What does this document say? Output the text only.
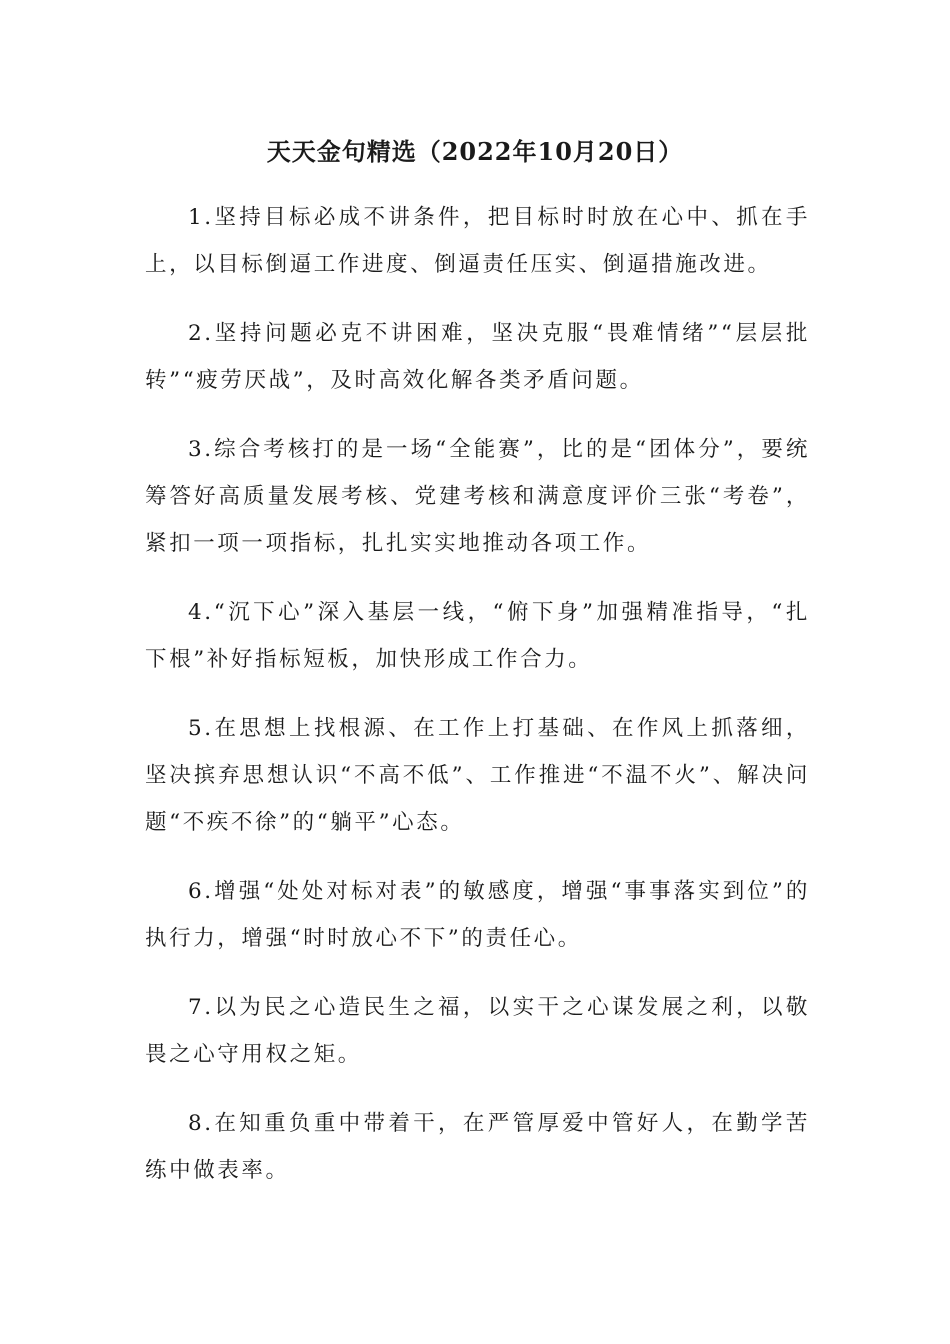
天天金句精选（2022年10月20日）

1.坚持目标必成不讲条件，把目标时时放在心中、抓在手上，以目标倒逼工作进度、倒逼责任压实、倒逼措施改进。

2.坚持问题必克不讲困难，坚决克服“畏难情绪”“层层批转”“疲劳厌战”，及时高效化解各类矛盾问题。

3.综合考核打的是一场“全能赛”，比的是“团体分”，要统筹答好高质量发展考核、党建考核和满意度评价三张“考卷”，紧扣一项一项指标，扎扎实实地推动各项工作。

4.“沉下心”深入基层一线，“俯下身”加强精准指导，“扎下根”补好指标短板，加快形成工作合力。

5.在思想上找根源、在工作上打基础、在作风上抓落细，坚决摈弃思想认识“不高不低”、工作推进“不温不火”、解决问题“不疾不徐”的“躺平”心态。

6.增强“处处对标对表”的敏感度，增强“事事落实到位”的执行力，增强“时时放心不下”的责任心。

7.以为民之心造民生之福，以实干之心谋发展之利，以敬畏之心守用权之矩。

8.在知重负重中带着干，在严管厚爱中管好人，在勤学苦练中做表率。
